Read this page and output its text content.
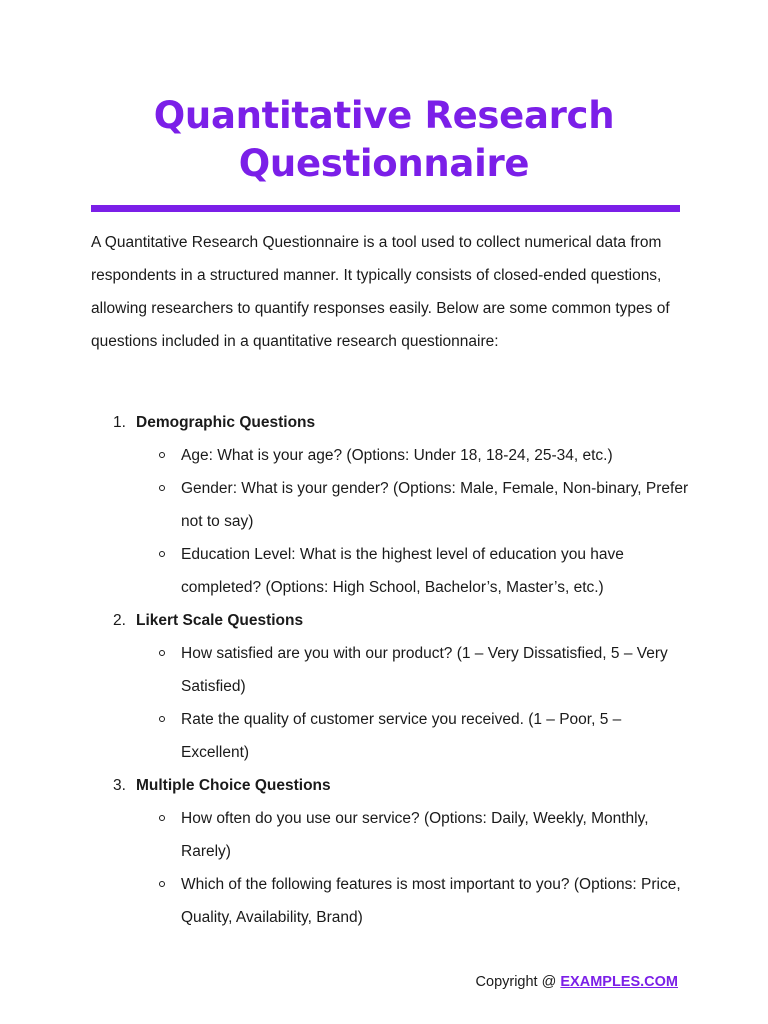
Quantitative Research
Questionnaire

A Quantitative Research Questionnaire is a tool used to collect numerical data from respondents in a structured manner. It typically consists of closed-ended questions, allowing researchers to quantify responses easily. Below are some common types of questions included in a quantitative research questionnaire:

1. Demographic Questions
Age: What is your age? (Options: Under 18, 18-24, 25-34, etc.)
Gender: What is your gender? (Options: Male, Female, Non-binary, Prefer not to say)
Education Level: What is the highest level of education you have completed? (Options: High School, Bachelor’s, Master’s, etc.)
2. Likert Scale Questions
How satisfied are you with our product? (1 – Very Dissatisfied, 5 – Very Satisfied)
Rate the quality of customer service you received. (1 – Poor, 5 – Excellent)
3. Multiple Choice Questions
How often do you use our service? (Options: Daily, Weekly, Monthly, Rarely)
Which of the following features is most important to you? (Options: Price, Quality, Availability, Brand)
Copyright @ EXAMPLES.COM
